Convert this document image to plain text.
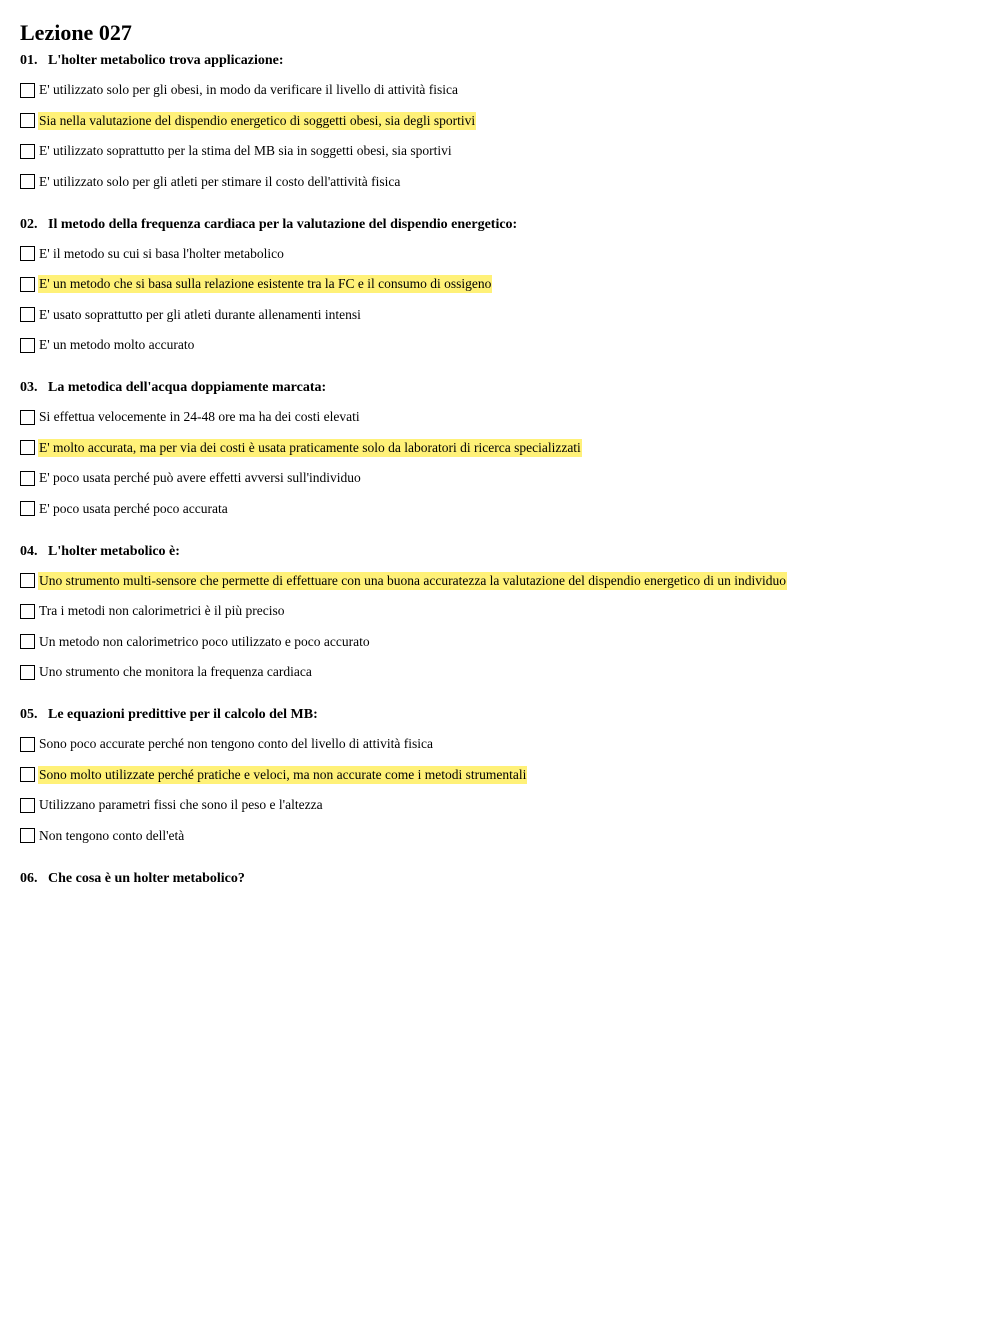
Lezione 027
01. L'holter metabolico trova applicazione:
E' utilizzato solo per gli obesi, in modo da verificare il livello di attività fisica
Sia nella valutazione del dispendio energetico di soggetti obesi, sia degli sportivi
E' utilizzato soprattutto per la stima del MB sia in soggetti obesi, sia sportivi
E' utilizzato solo per gli atleti per stimare il costo dell'attività fisica
02. Il metodo della frequenza cardiaca per la valutazione del dispendio energetico:
E' il metodo su cui si basa l'holter metabolico
E' un metodo che si basa sulla relazione esistente tra la FC e il consumo di ossigeno
E' usato soprattutto per gli atleti durante allenamenti intensi
E' un metodo molto accurato
03. La metodica dell'acqua doppiamente marcata:
Si effettua velocemente in 24-48 ore ma ha dei costi elevati
E' molto accurata, ma per via dei costi è usata praticamente solo da laboratori di ricerca specializzati
E' poco usata perché può avere effetti avversi sull'individuo
E' poco usata perché poco accurata
04. L'holter metabolico è:
Uno strumento multi-sensore che permette di effettuare con una buona accuratezza la valutazione del dispendio energetico di un individuo
Tra i metodi non calorimetrici è il più preciso
Un metodo non calorimetrico poco utilizzato e poco accurato
Uno strumento che monitora la frequenza cardiaca
05. Le equazioni predittive per il calcolo del MB:
Sono poco accurate perché non tengono conto del livello di attività fisica
Sono molto utilizzate perché pratiche e veloci, ma non accurate come i metodi strumentali
Utilizzano parametri fissi che sono il peso e l'altezza
Non tengono conto dell'età
06. Che cosa è un holter metabolico?
